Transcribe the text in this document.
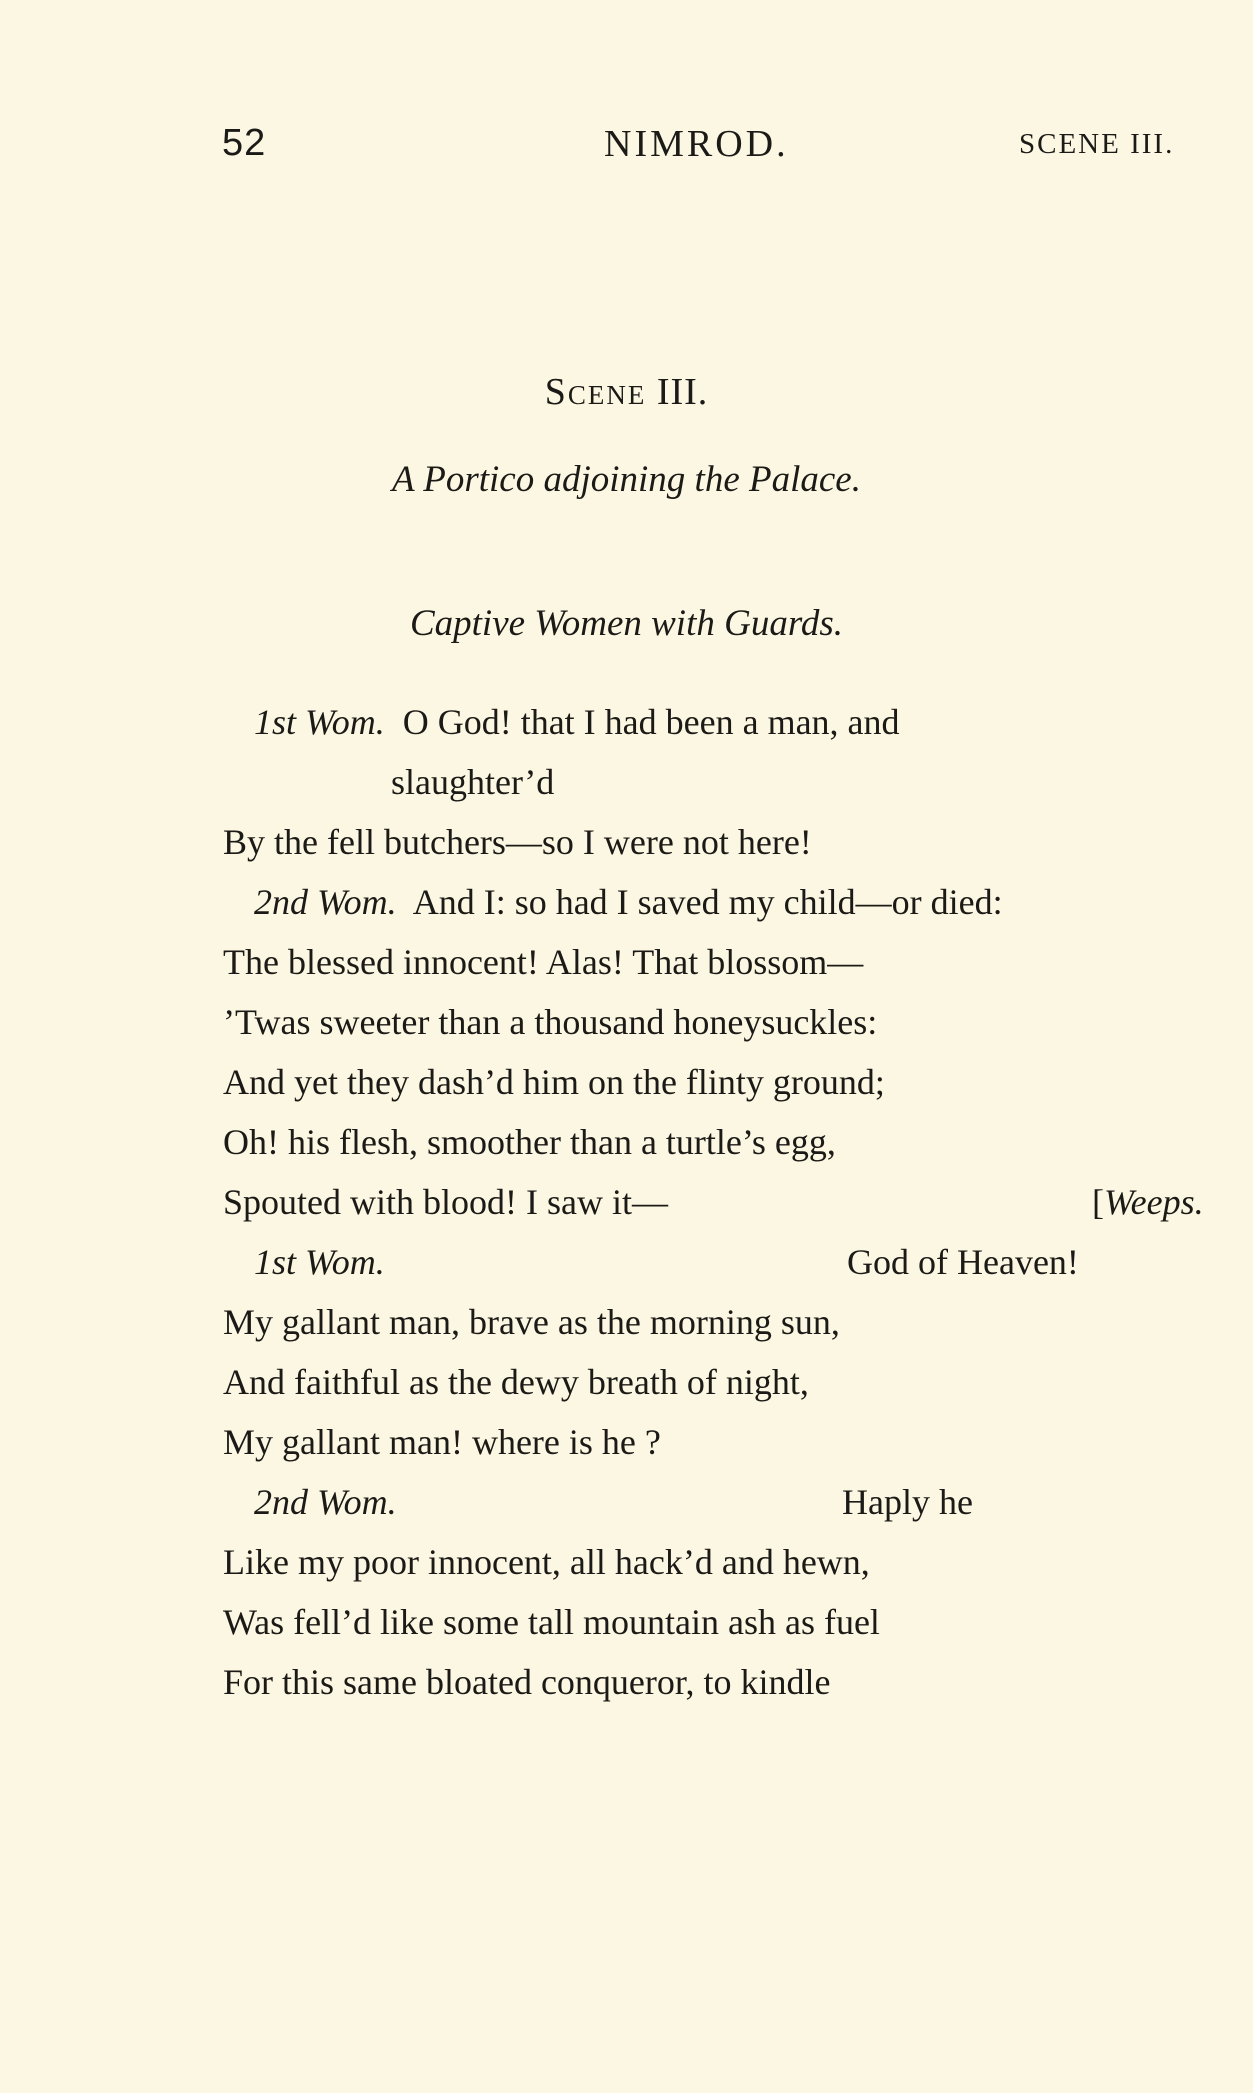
52	NIMROD.	SCENE III.
Scene III.
A Portico adjoining the Palace.
Captive Women with Guards.
1st Wom. O God! that I had been a man, and
slaughter’d
By the fell butchers—so I were not here!
2nd Wom. And I: so had I saved my child—or died:
The blessed innocent! Alas! That blossom—
’Twas sweeter than a thousand honeysuckles:
And yet they dash’d him on the flinty ground;
Oh! his flesh, smoother than a turtle’s egg,
Spouted with blood! I saw it—	[Weeps.
1st Wom.	God of Heaven!
My gallant man, brave as the morning sun,
And faithful as the dewy breath of night,
My gallant man! where is he ?
2nd Wom.	Haply he
Like my poor innocent, all hack’d and hewn,
Was fell’d like some tall mountain ash as fuel
For this same bloated conqueror, to kindle
